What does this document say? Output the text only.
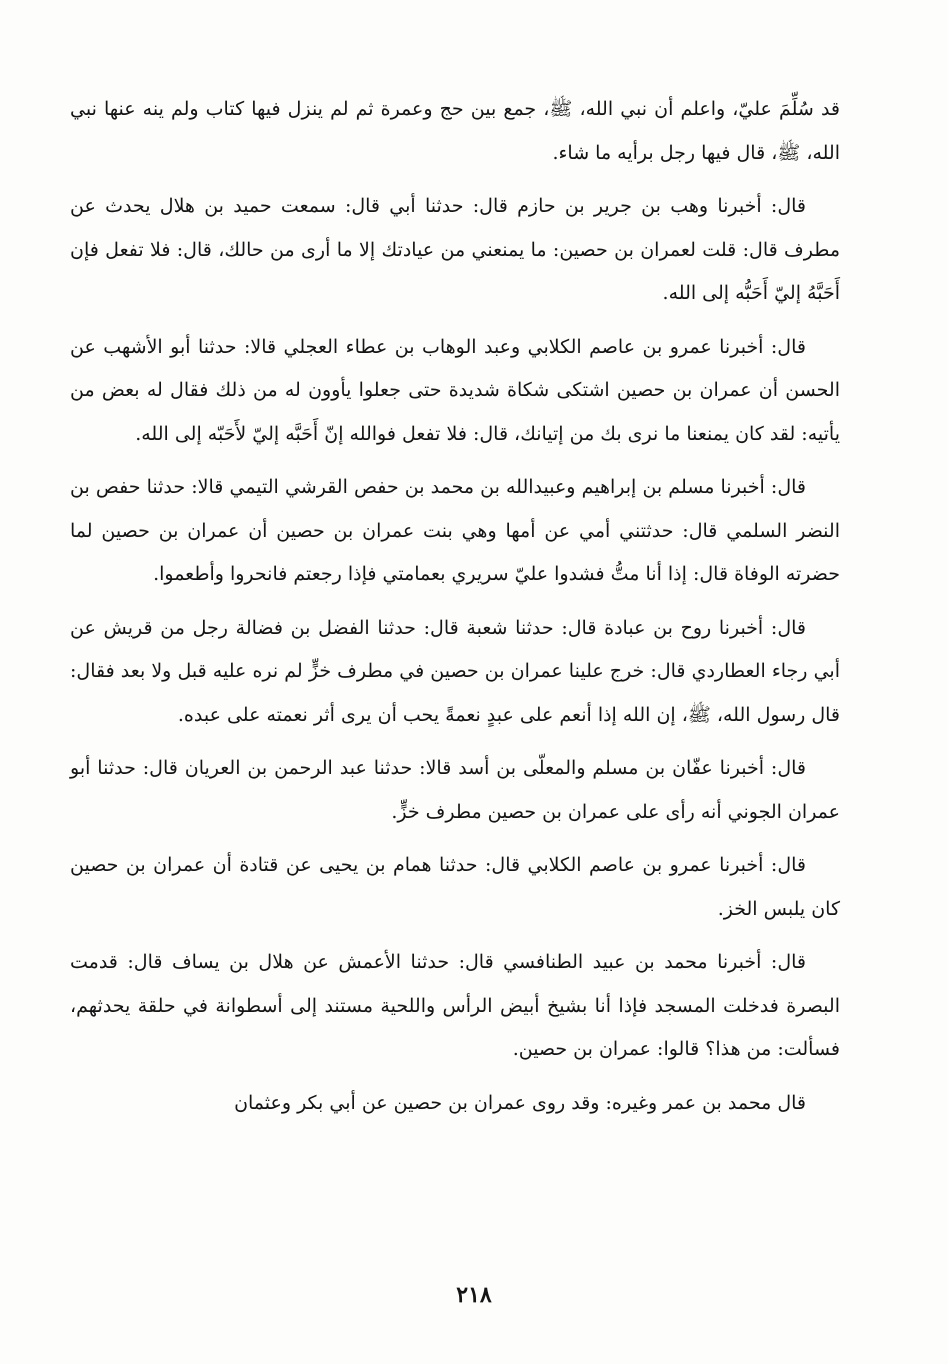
قد سُلِّمَ عليّ، واعلم أن نبي الله، ﷺ، جمع بين حج وعمرة ثم لم ينزل فيها كتاب ولم ينه عنها نبي الله، ﷺ، قال فيها رجل برأيه ما شاء.

قال: أخبرنا وهب بن جرير بن حازم قال: حدثنا أبي قال: سمعت حميد بن هلال يحدث عن مطرف قال: قلت لعمران بن حصين: ما يمنعني من عيادتك إلا ما أرى من حالك، قال: فلا تفعل فإن أَحَبَّهُ إليّ أَحَبُّه إلى الله.

قال: أخبرنا عمرو بن عاصم الكلابي وعبد الوهاب بن عطاء العجلي قالا: حدثنا أبو الأشهب عن الحسن أن عمران بن حصين اشتكى شكاة شديدة حتى جعلوا يأوون له من ذلك فقال له بعض من يأتيه: لقد كان يمنعنا ما نرى بك من إتيانك، قال: فلا تفعل فوالله إنّ أَحَبَّه إليّ لأَحَبّه إلى الله.

قال: أخبرنا مسلم بن إبراهيم وعبيدالله بن محمد بن حفص القرشي التيمي قالا: حدثنا حفص بن النضر السلمي قال: حدثتني أمي عن أمها وهي بنت عمران بن حصين أن عمران بن حصين لما حضرته الوفاة قال: إذا أنا متُّ فشدوا عليّ سريري بعمامتي فإذا رجعتم فانحروا وأطعموا.

قال: أخبرنا روح بن عبادة قال: حدثنا شعبة قال: حدثنا الفضل بن فضالة رجل من قريش عن أبي رجاء العطاردي قال: خرج علينا عمران بن حصين في مطرف خزٍّ لم نره عليه قبل ولا بعد فقال: قال رسول الله، ﷺ، إن الله إذا أنعم على عبدٍ نعمةً يحب أن يرى أثر نعمته على عبده.

قال: أخبرنا عفّان بن مسلم والمعلّى بن أسد قالا: حدثنا عبد الرحمن بن العريان قال: حدثنا أبو عمران الجوني أنه رأى على عمران بن حصين مطرف خزٍّ.

قال: أخبرنا عمرو بن عاصم الكلابي قال: حدثنا همام بن يحيى عن قتادة أن عمران بن حصين كان يلبس الخز.

قال: أخبرنا محمد بن عبيد الطنافسي قال: حدثنا الأعمش عن هلال بن يساف قال: قدمت البصرة فدخلت المسجد فإذا أنا بشيخ أبيض الرأس واللحية مستند إلى أسطوانة في حلقة يحدثهم، فسألت: من هذا؟ قالوا: عمران بن حصين.

قال محمد بن عمر وغيره: وقد روى عمران بن حصين عن أبي بكر وعثمان

٢١٨
